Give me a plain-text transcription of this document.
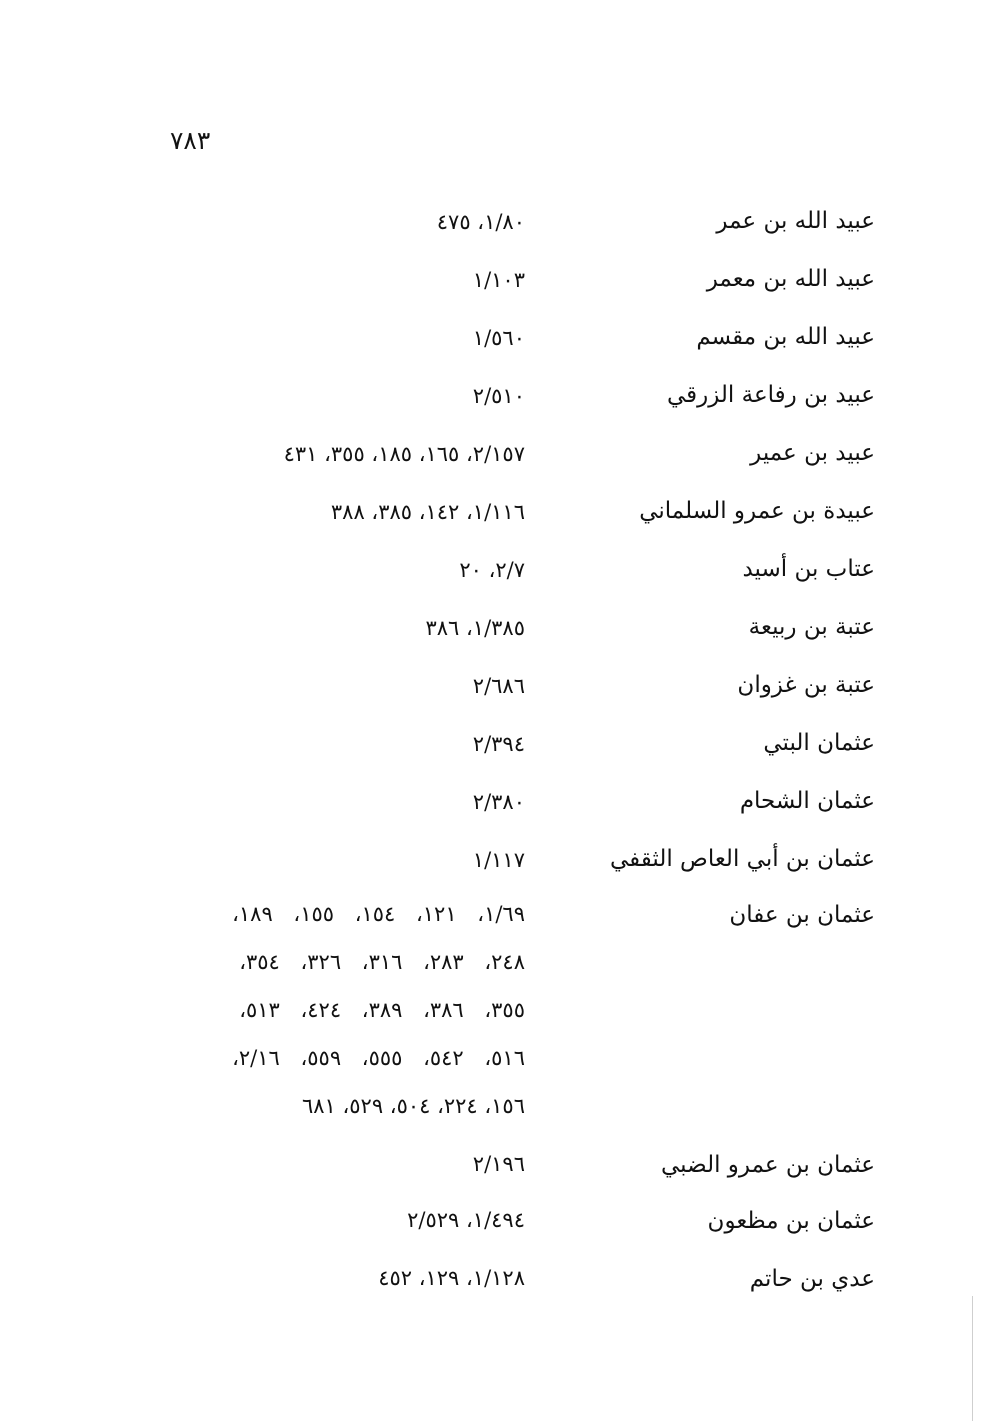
٧٨٣
عبيد الله بن عمر
١/٨٠، ٤٧٥
عبيد الله بن معمر
١/١٠٣
عبيد الله بن مقسم
١/٥٦٠
عبيد بن رفاعة الزرقي
٢/٥١٠
عبيد بن عمير
٢/١٥٧، ١٦٥، ١٨٥، ٣٥٥، ٤٣١
عبيدة بن عمرو السلماني
١/١١٦، ١٤٢، ٣٨٥، ٣٨٨
عتاب بن أسيد
٢/٧، ٢٠
عتبة بن ربيعة
١/٣٨٥، ٣٨٦
عتبة بن غزوان
٢/٦٨٦
عثمان البتي
٢/٣٩٤
عثمان الشحام
٢/٣٨٠
عثمان بن أبي العاص الثقفي
١/١١٧
عثمان بن عفان
١/٦٩، ١٢١، ١٥٤، ١٥٥، ١٨٩،
٢٤٨، ٢٨٣، ٣١٦، ٣٢٦، ٣٥٤،
٣٥٥، ٣٨٦، ٣٨٩، ٤٢٤، ٥١٣،
٥١٦، ٥٤٢، ٥٥٥، ٥٥٩، ٢/١٦،
١٥٦، ٢٢٤، ٥٠٤، ٥٢٩، ٦٨١
عثمان بن عمرو الضبي
٢/١٩٦
عثمان بن مظعون
١/٤٩٤، ٢/٥٢٩
عدي بن حاتم
١/١٢٨، ١٢٩، ٤٥٢
